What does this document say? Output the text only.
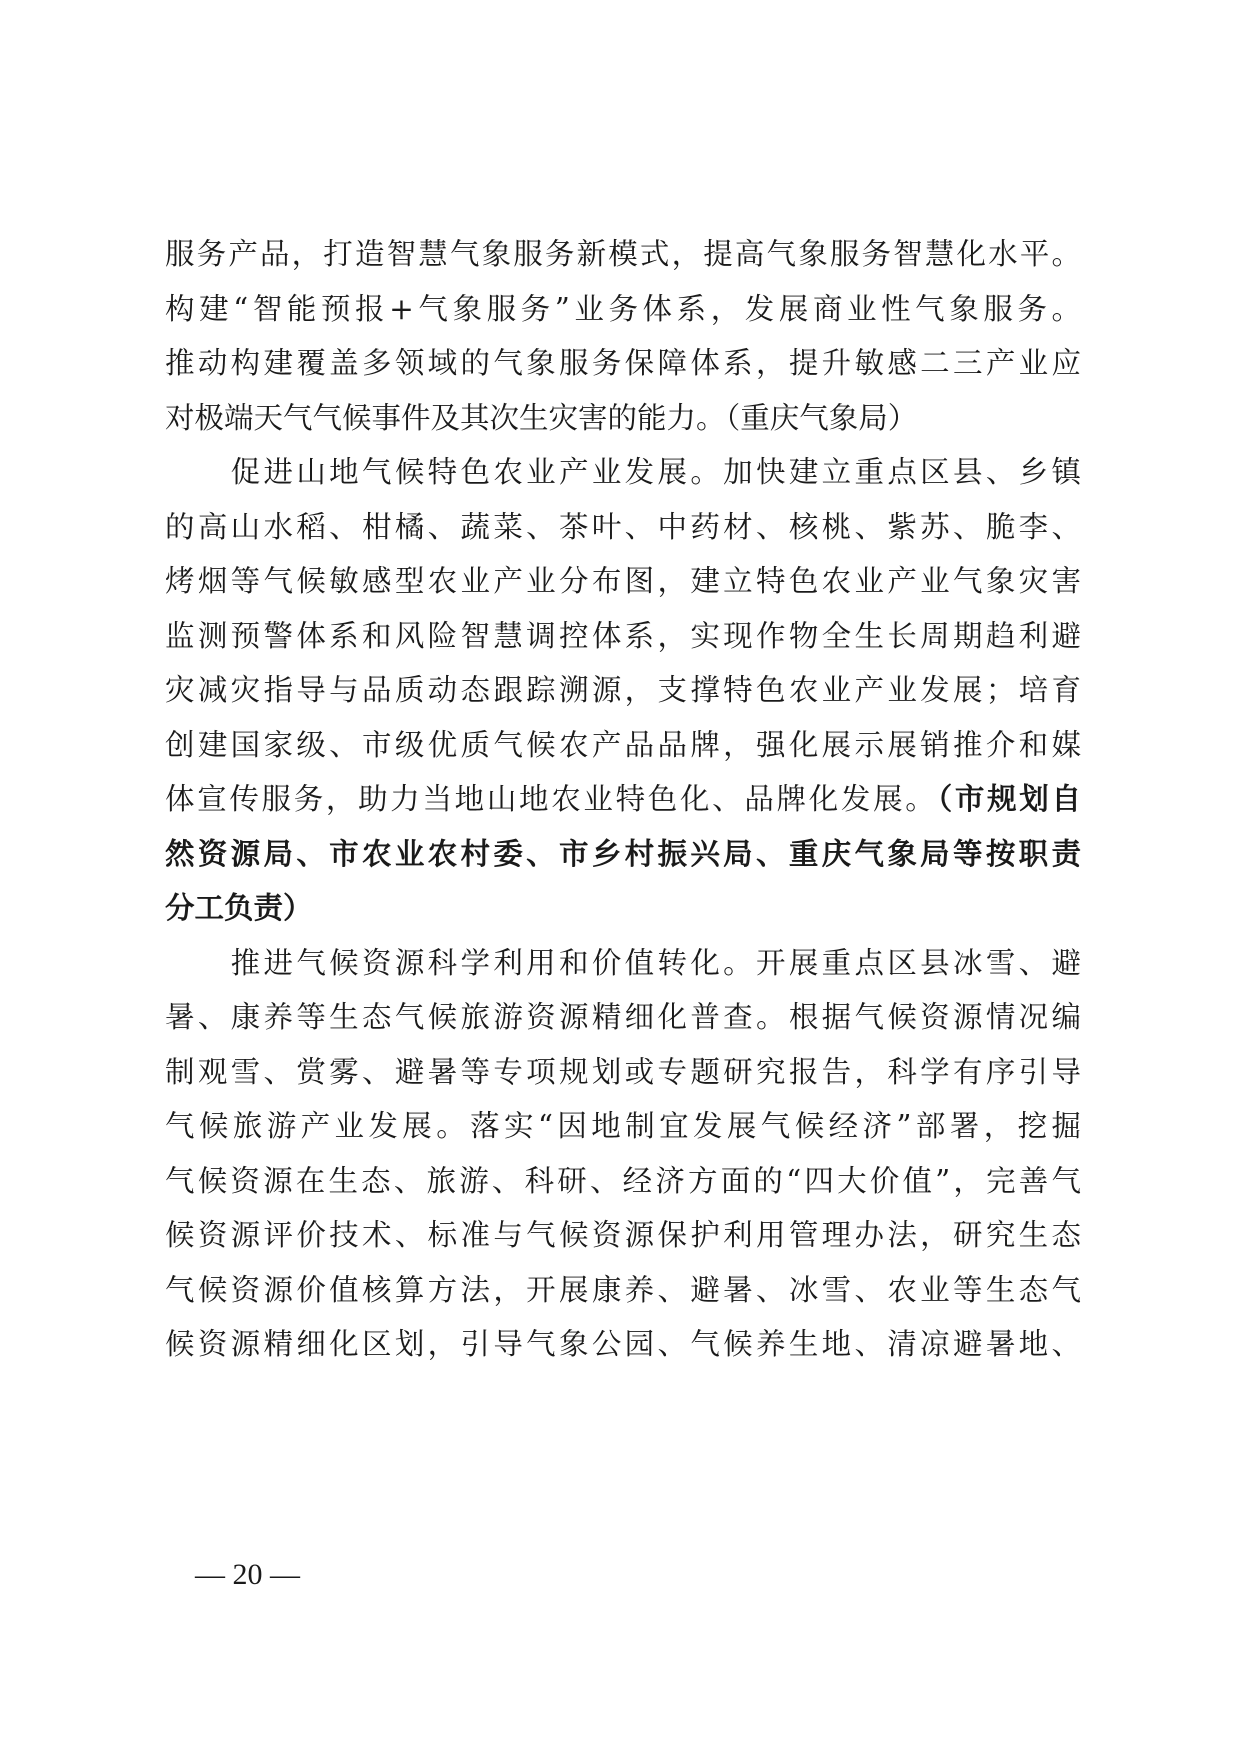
服务产品，打造智慧气象服务新模式，提高气象服务智慧化水平。
构建“智能预报+气象服务”业务体系，发展商业性气象服务。
推动构建覆盖多领域的气象服务保障体系，提升敏感二三产业应
对极端天气气候事件及其次生灾害的能力。（重庆气象局）
　　促进山地气候特色农业产业发展。加快建立重点区县、乡镇
的高山水稻、柑橘、蔬菜、茶叶、中药材、核桃、紫苏、脆李、
烤烟等气候敏感型农业产业分布图，建立特色农业产业气象灾害
监测预警体系和风险智慧调控体系，实现作物全生长周期趋利避
灾减灾指导与品质动态跟踪溯源，支撑特色农业产业发展；培育
创建国家级、市级优质气候农产品品牌，强化展示展销推介和媒
体宣传服务，助力当地山地农业特色化、品牌化发展。（市规划自
然资源局、市农业农村委、市乡村振兴局、重庆气象局等按职责
分工负责）
　　推进气候资源科学利用和价值转化。开展重点区县冰雪、避
暑、康养等生态气候旅游资源精细化普查。根据气候资源情况编
制观雪、赏雾、避暑等专项规划或专题研究报告，科学有序引导
气候旅游产业发展。落实“因地制宜发展气候经济”部署，挖掘
气候资源在生态、旅游、科研、经济方面的“四大价值”，完善气
候资源评价技术、标准与气候资源保护利用管理办法，研究生态
气候资源价值核算方法，开展康养、避暑、冰雪、农业等生态气
候资源精细化区划，引导气象公园、气候养生地、清凉避暑地、
— 20 —
